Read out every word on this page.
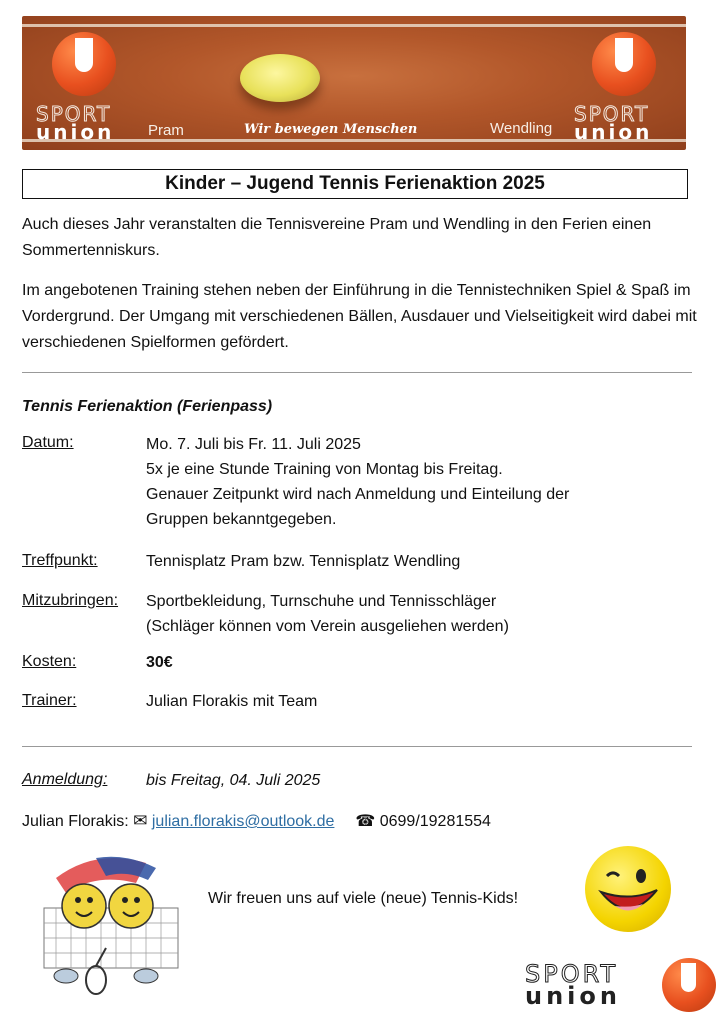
SPORT
union Pram	Wir bewegen Menschen	Wendling
SPORT
union
Kinder – Jugend Tennis Ferienaktion 2025
Auch dieses Jahr veranstalten die Tennisvereine Pram und Wendling in den Ferien einen Sommertenniskurs.
Im angebotenen Training stehen neben der Einführung in die Tennistechniken Spiel & Spaß im Vordergrund. Der Umgang mit verschiedenen Bällen, Ausdauer und Vielseitigkeit wird dabei mit verschiedenen Spielformen gefördert.
Tennis Ferienaktion (Ferienpass)
Datum:	Mo. 7. Juli bis Fr. 11. Juli 2025
5x je eine Stunde Training von Montag bis Freitag.
Genauer Zeitpunkt wird nach Anmeldung und Einteilung der
Gruppen bekanntgegeben.
Treffpunkt:	Tennisplatz Pram bzw. Tennisplatz Wendling
Mitzubringen: Sportbekleidung, Turnschuhe und Tennisschläger
(Schläger können vom Verein ausgeliehen werden)
Kosten:	30€
Trainer:	Julian Florakis mit Team
Anmeldung: bis Freitag, 04. Juli 2025
Julian Florakis: ✉ julian.florakis@outlook.de ☎ 0699/19281554
Wir freuen uns auf viele (neue) Tennis-Kids!
SPORT
union
